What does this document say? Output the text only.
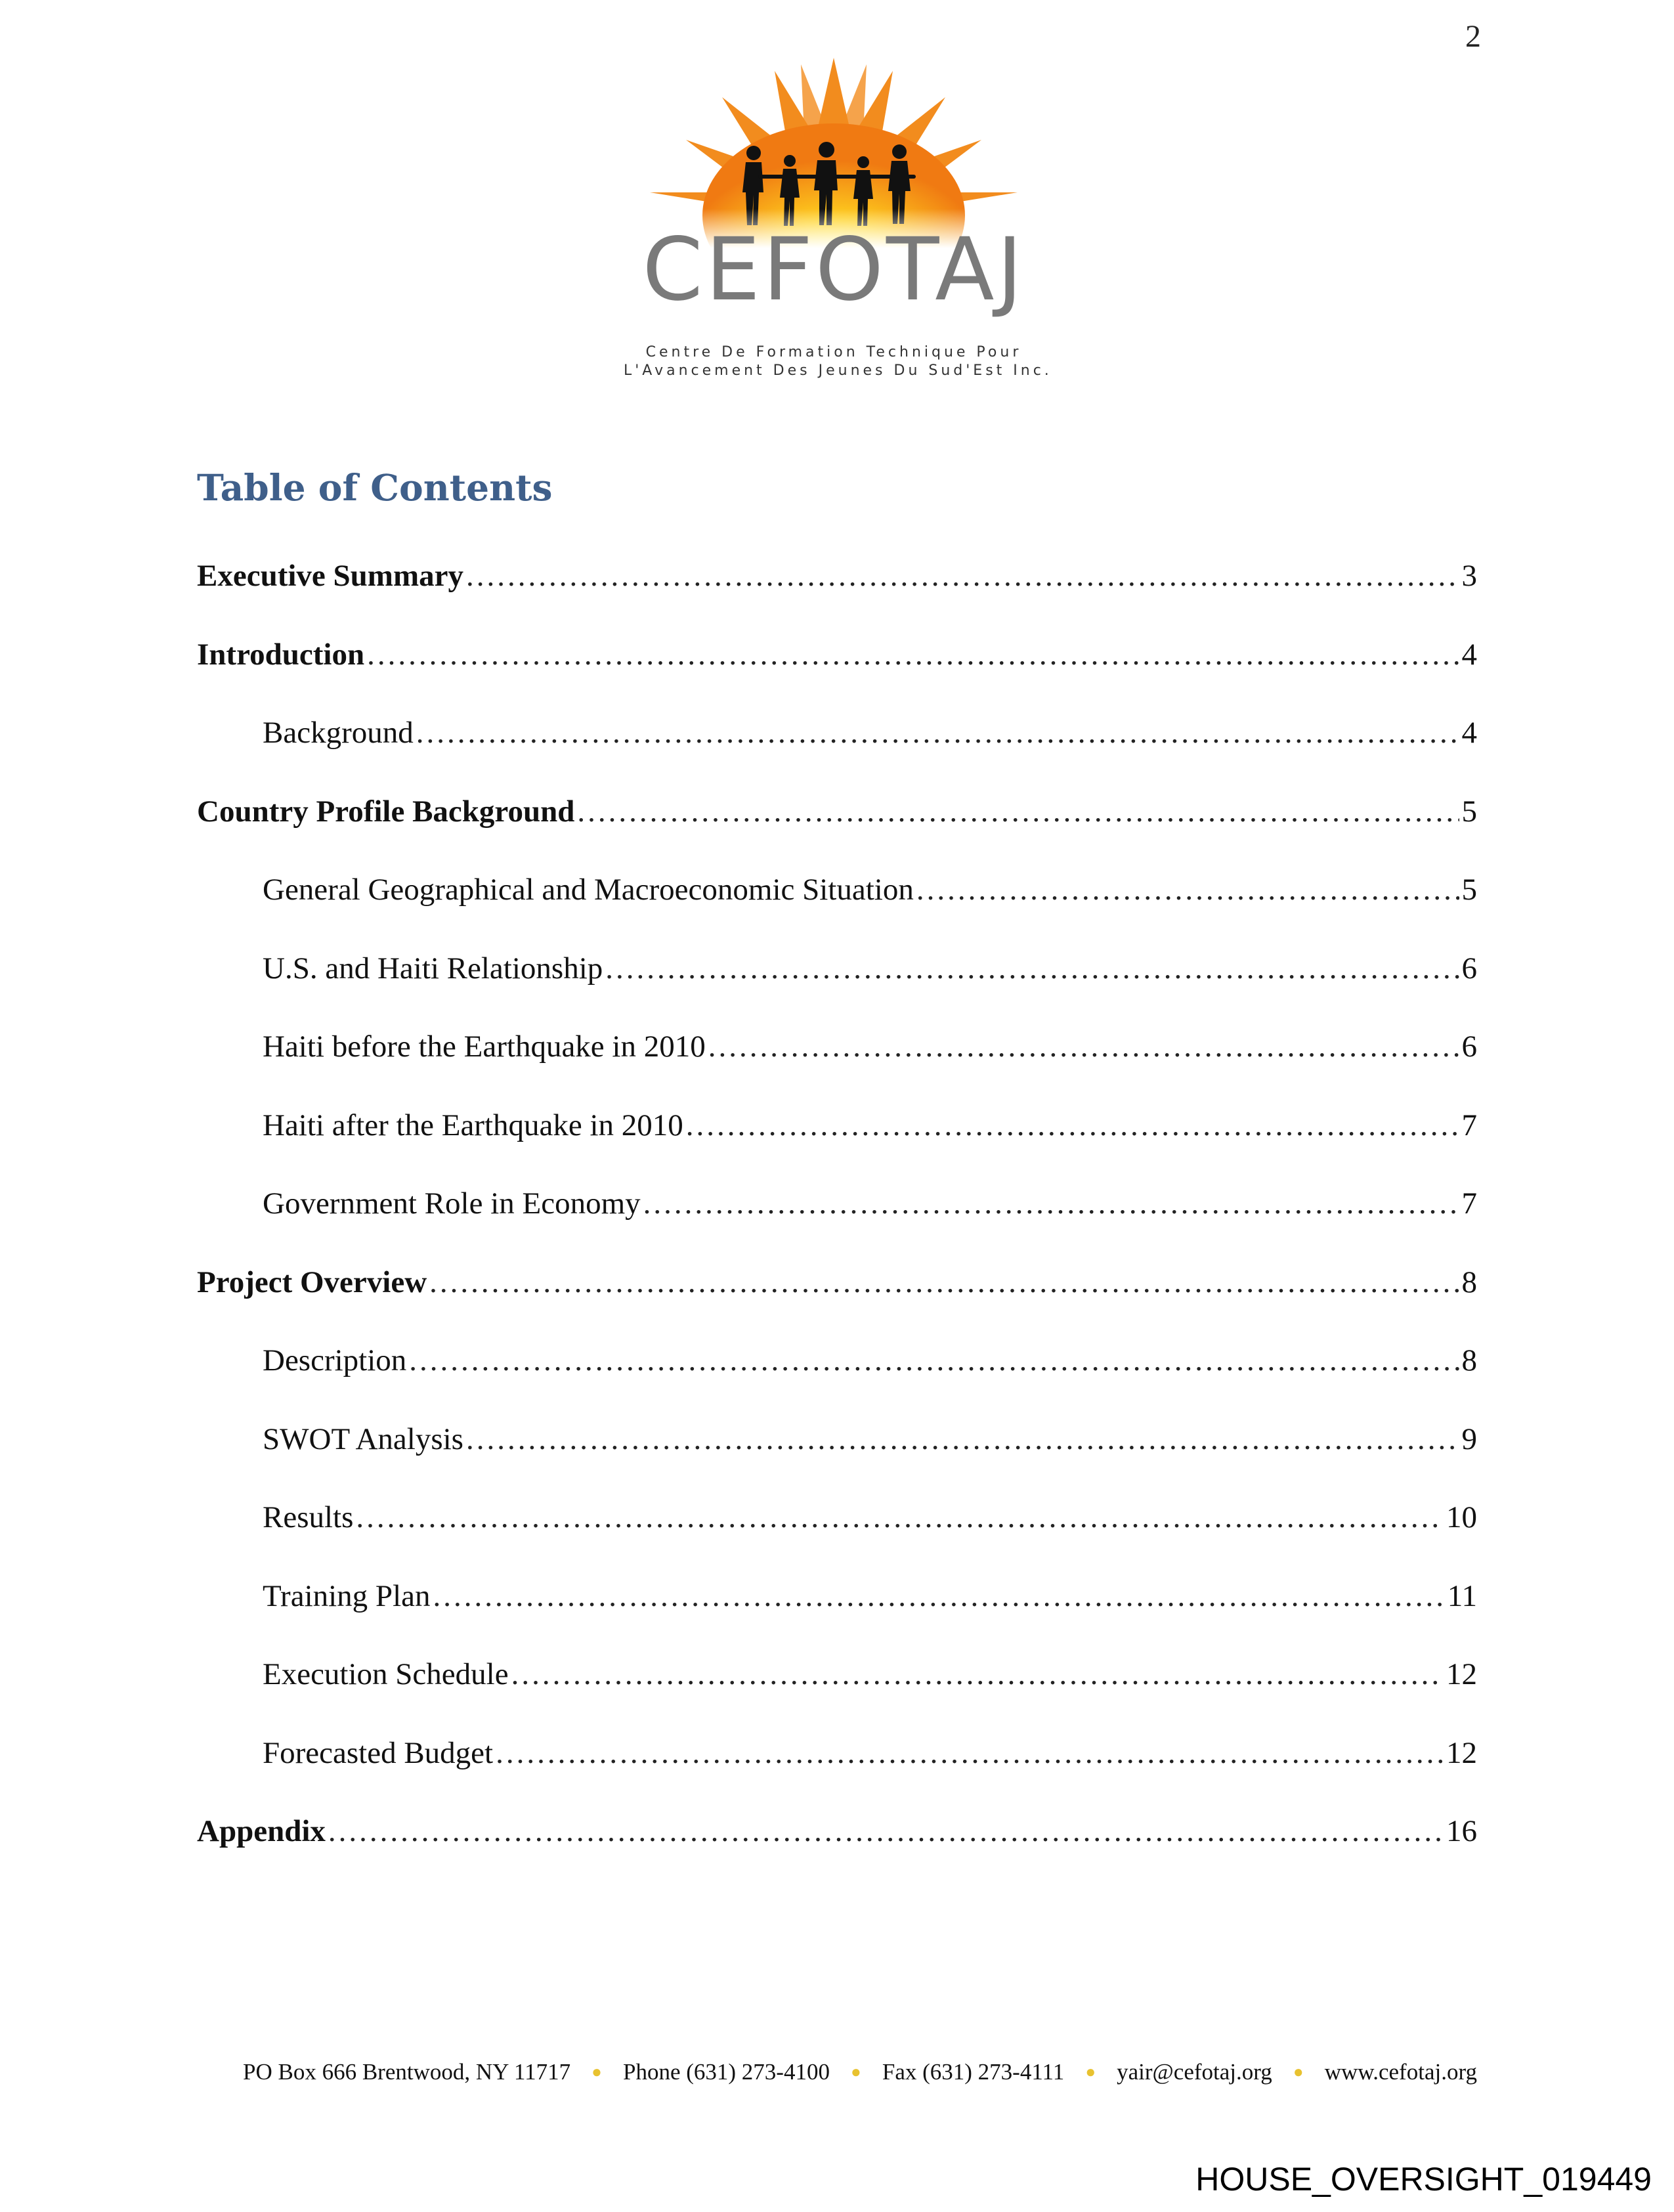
2
CEFOTAJ
Centre De Formation Technique Pour
L'Avancement Des Jeunes Du Sud'Est Inc.
Table of Contents
Executive Summary .....	3
Introduction .....	4
Background .....	4
Country Profile Background .....	5
General Geographical and Macroeconomic Situation .....	5
U.S. and Haiti Relationship .....	6
Haiti before the Earthquake in 2010 .....	6
Haiti after the Earthquake in 2010 .....	7
Government Role in Economy .....	7
Project Overview .....	8
Description .....	8
SWOT Analysis .....	9
Results .....	10
Training Plan .....	11
Execution Schedule .....	12
Forecasted Budget .....	12
Appendix .....	16
PO Box 666 Brentwood, NY 11717 ● Phone (631) 273-4100 ● Fax (631) 273-4111 ● yair@cefotaj.org ● www.cefotaj.org
HOUSE_OVERSIGHT_019449
